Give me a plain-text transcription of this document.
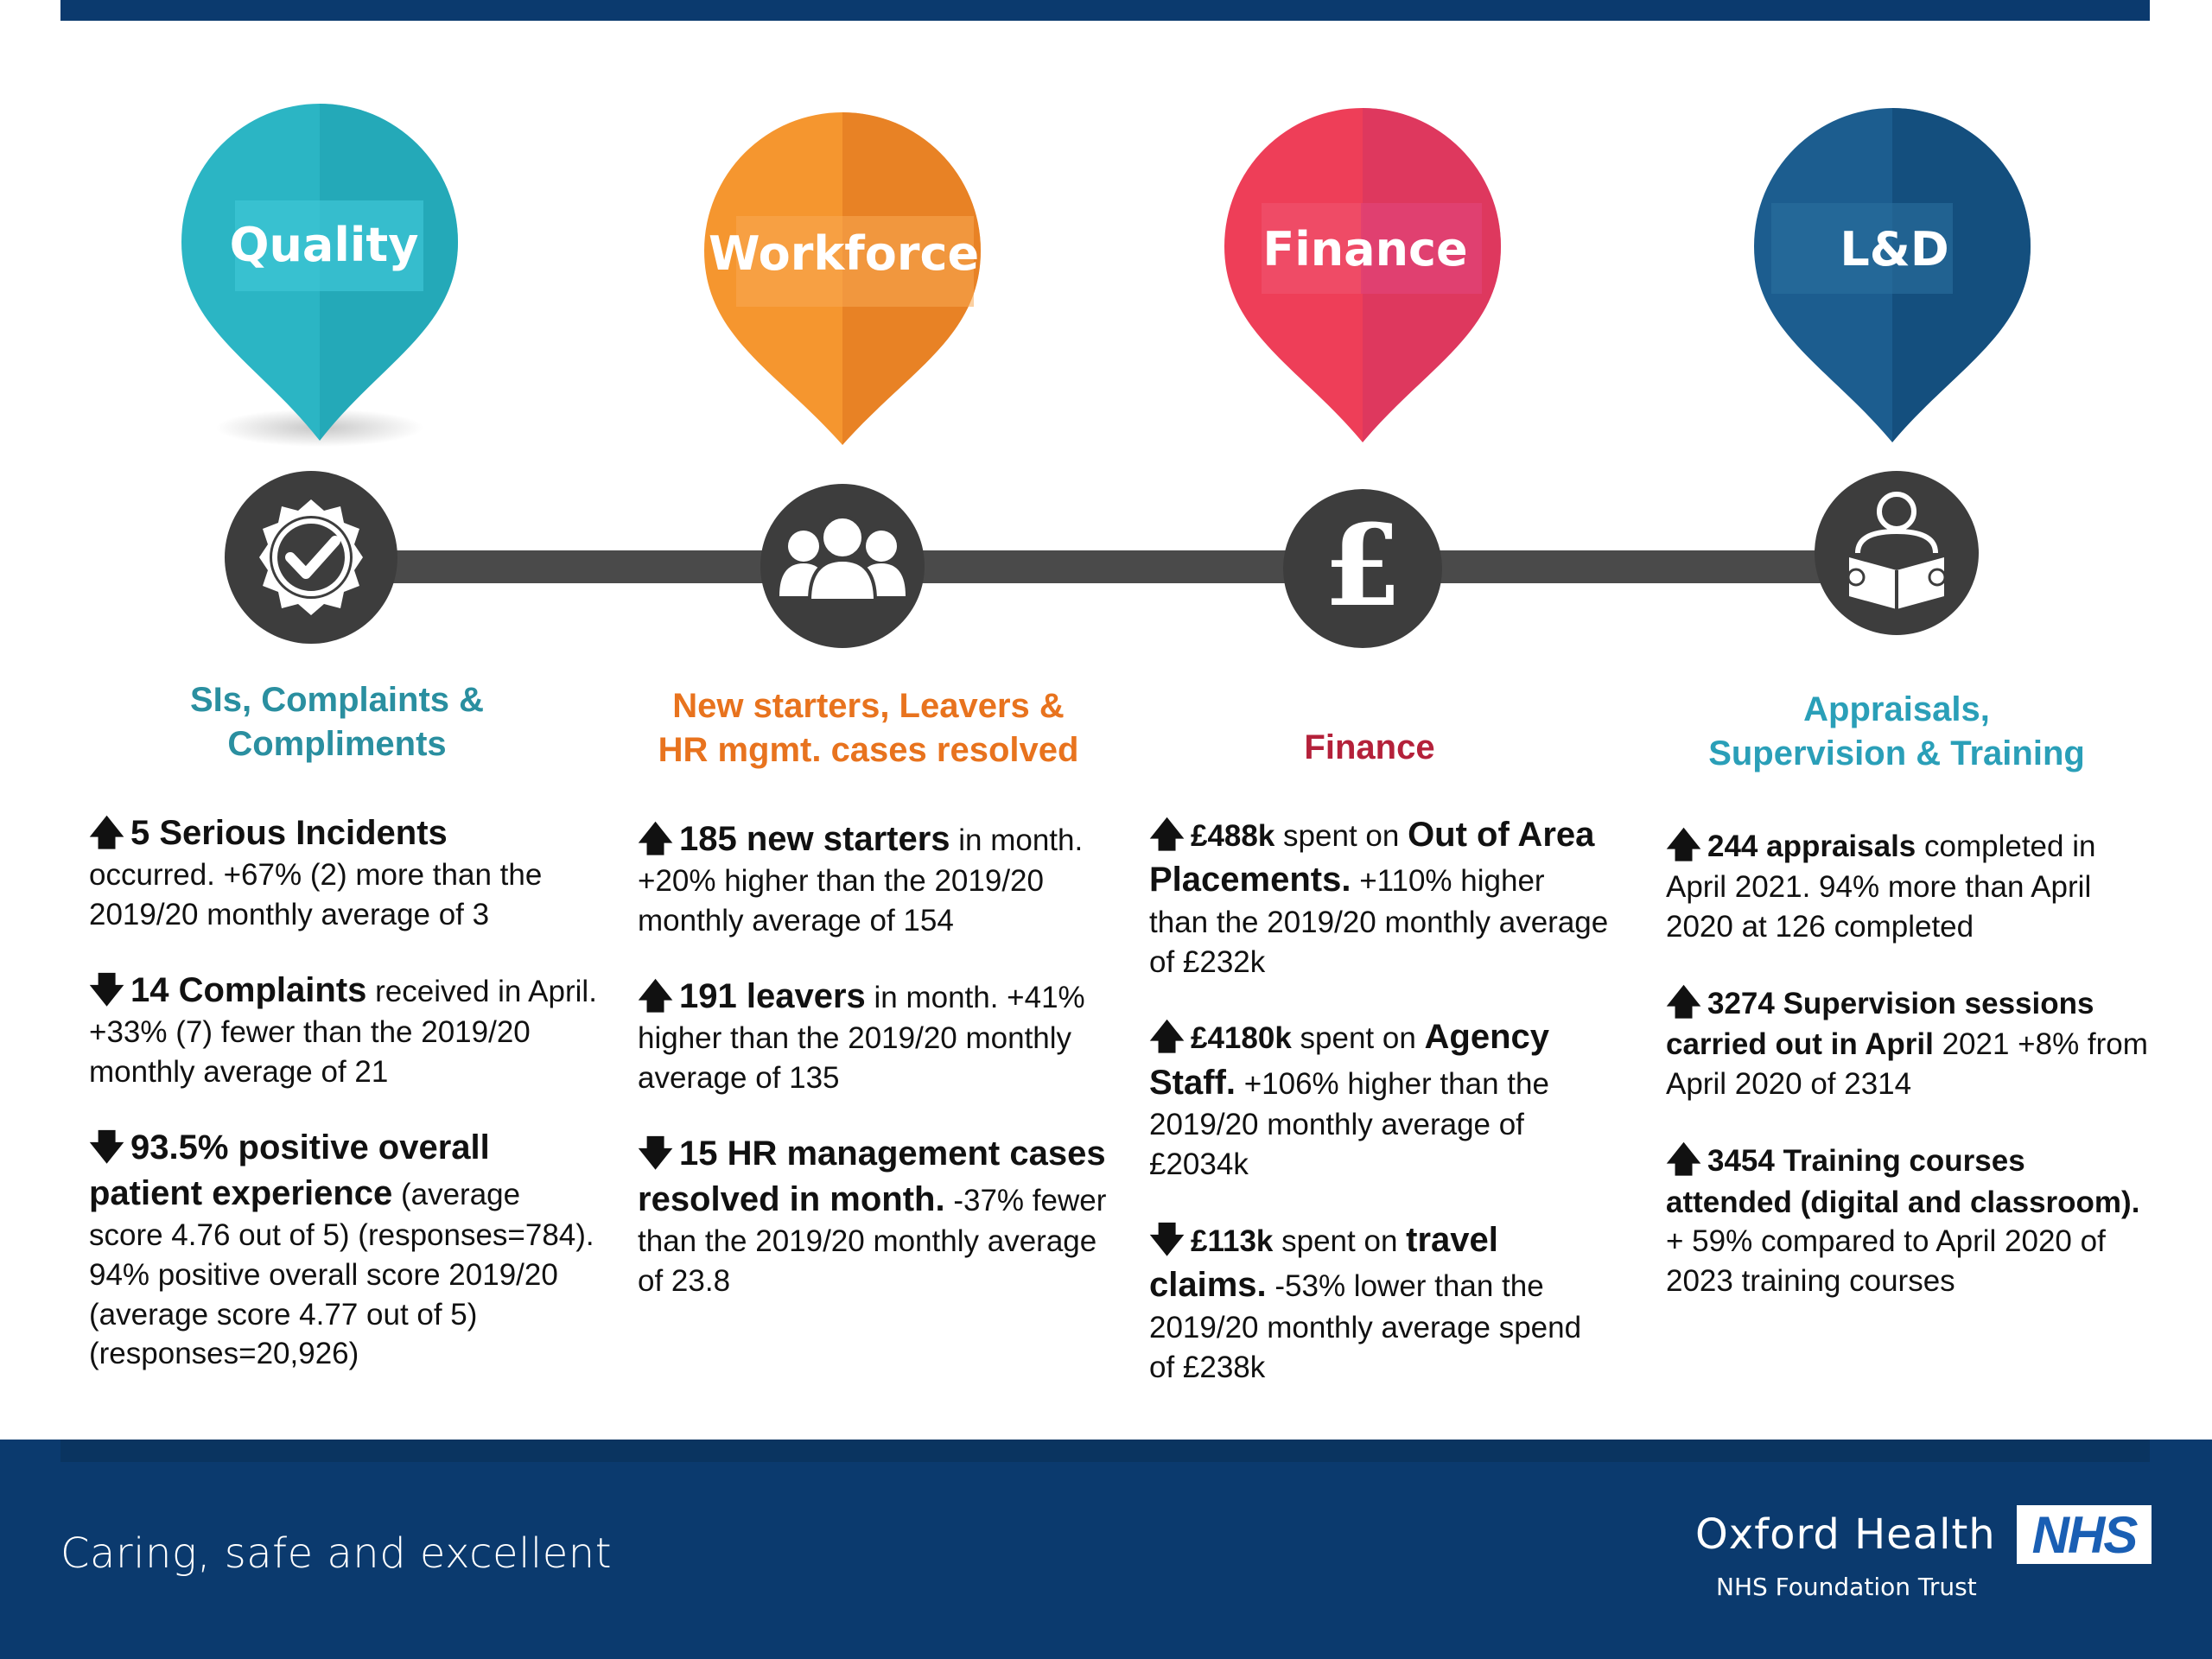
£
Quality	Workforce	Finance	L&D
SIs, Complaints &
Compliments
New starters, Leavers &
HR mgmt. cases resolved	Finance
Appraisals,
Supervision & Training
🡅 5 Serious Incidents
occurred. +67% (2) more than the 2019/20 monthly average of 3
🡇 14 Complaints received in April. +33% (7) fewer than the 2019/20 monthly average of 21
🡇 93.5% positive overall patient experience (average score 4.76 out of 5) (responses=784). 94% positive overall score 2019/20 (average score 4.77 out of 5) (responses=20,926)
🡅 185 new starters in month. +20% higher than the 2019/20 monthly average of 154
🡅 191 leavers in month. +41% higher than the 2019/20 monthly average of 135
🡇 15 HR management cases resolved in month. -37% fewer than the 2019/20 monthly average of 23.8
🡅 £488k spent on Out of Area Placements. +110% higher than the 2019/20 monthly average of £232k
🡅 £4180k spent on Agency Staff. +106% higher than the 2019/20 monthly average of £2034k
🡇 £113k spent on travel claims. -53% lower than the 2019/20 monthly average spend of £238k
🡅 244 appraisals completed in April 2021. 94% more than April 2020 at 126 completed
🡅 3274 Supervision sessions carried out in April 2021 +8% from April 2020 of 2314
🡅 3454 Training courses attended (digital and classroom). + 59% compared to April 2020 of 2023 training courses
Caring, safe and excellent	Oxford Health
NHS Foundation Trust
NHS
